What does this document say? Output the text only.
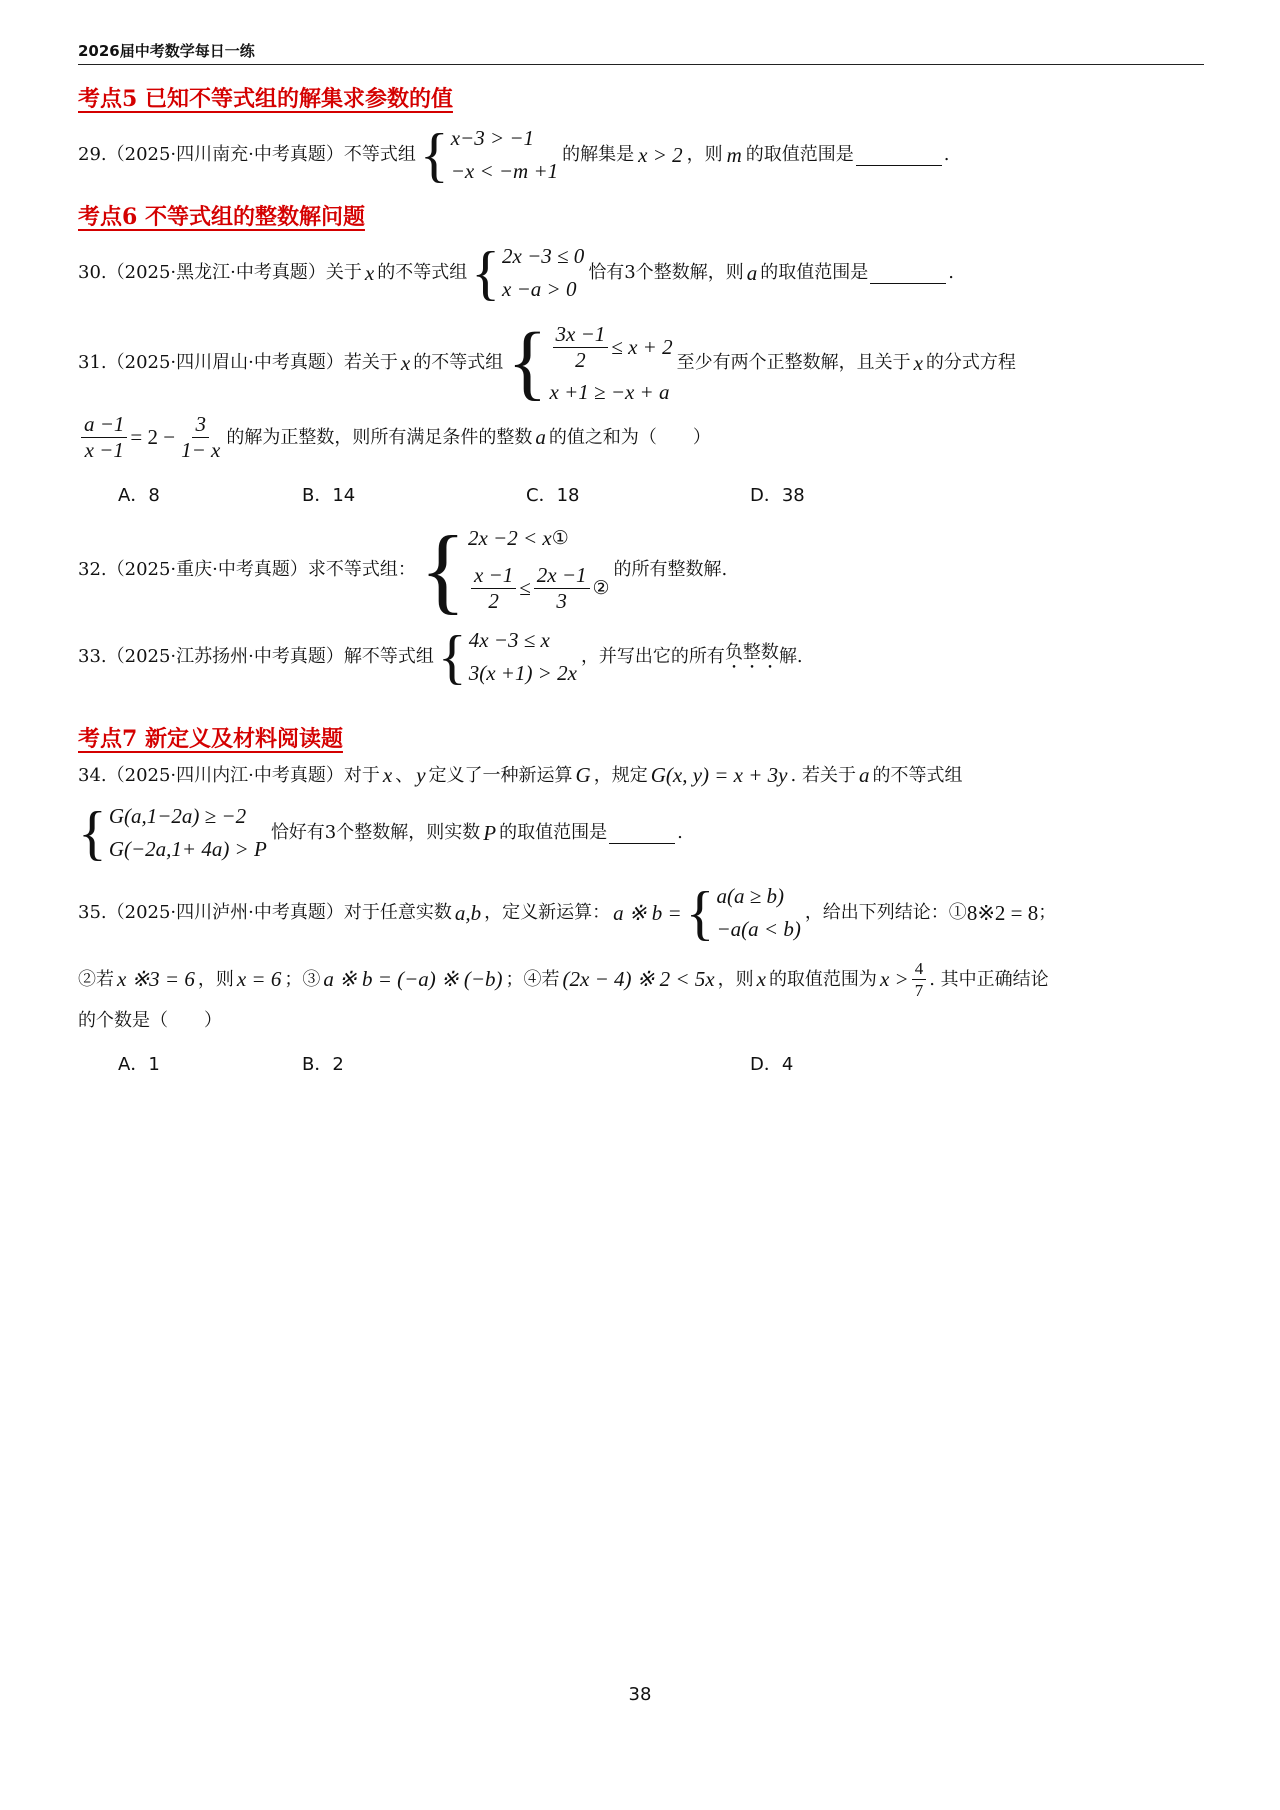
2026届中考数学每日一练
考点5 已知不等式组的解集求参数的值
29.（2025·四川南充·中考真题）不等式组 { x−3 > −1
−x < −m +1
的解集是 x > 2 ，则 m 的取值范围是	.
考点6 不等式组的整数解问题
30.（2025·黑龙江·中考真题）关于 x 的不等式组 { 2x −3 ≤ 0
x −a > 0
恰有3个整数解，则 a 的取值范围是	.
31.（2025·四川眉山·中考真题）若关于 x 的不等式组 { $\frac{3x -1}{2} \le x + 2$
x +1 ≥ −x + a
至少有两个正整数解，且关于 x 的分式方程
$\frac{a -1}{x -1} = 2 - \frac{3}{1- x}$ 的解为正整数，则所有满足条件的整数 a 的值之和为（　　）
A．8	B．14	C．18	D．38
32.（2025·重庆·中考真题）求不等式组： { 2x −2 < x ①
$\frac{x -1}{2} \le \frac{2x -1}{3}$ ②
的所有整数解.
33.（2025·江苏扬州·中考真题）解不等式组 { 4x −3 ≤ x
3(x +1) > 2x
，并写出它的所有 负整数 解.
考点7 新定义及材料阅读题
34.（2025·四川内江·中考真题）对于 x 、 y 定义了一种新运算 G ，规定 G(x, y) = x + 3y . 若关于 a 的不等式组
{ G(a,1−2a) ≥ −2
G(−2a,1+ 4a) > P
恰好有3个整数解，则实数 P 的取值范围是	.
35.（2025·四川泸州·中考真题）对于任意实数 a,b ，定义新运算： a ※ b = { a(a ≥ b)
−a(a < b)
，给出下列结论：① 8※2 = 8 ；
②若 x ※3 = 6 ，则 x = 6 ；③ a ※ b = (−a) ※ (−b) ；④若 (2x − 4) ※ 2 < 5x ，则 x 的取值范围为 $x > \frac{4}{7}$ . 其中正确结论
的个数是（　　）
A．1	B．2	D．4
38
